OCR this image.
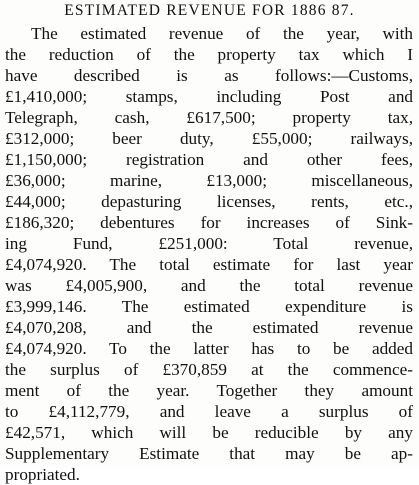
ESTIMATED REVENUE FOR 1886 87.
The estimated revenue of the year, with
the reduction of the property tax which I
have described is as follows:—Customs,
£1,410,000; stamps, including Post and
Telegraph, cash, £617,500; property tax,
£312,000; beer duty, £55,000; railways,
£1,150,000; registration and other fees,
£36,000; marine, £13,000; miscellaneous,
£44,000; depasturing licenses, rents, etc.,
£186,320; debentures for increases of Sink-
ing Fund, £251,000: Total revenue,
£4,074,920. The total estimate for last year
was £4,005,900, and the total revenue
£3,999,146. The estimated expenditure is
£4,070,208, and the estimated revenue
£4,074,920. To the latter has to be added
the surplus of £370,859 at the commence-
ment of the year. Together they amount
to £4,112,779, and leave a surplus of
£42,571, which will be reducible by any
Supplementary Estimate that may be ap-
propriated.
